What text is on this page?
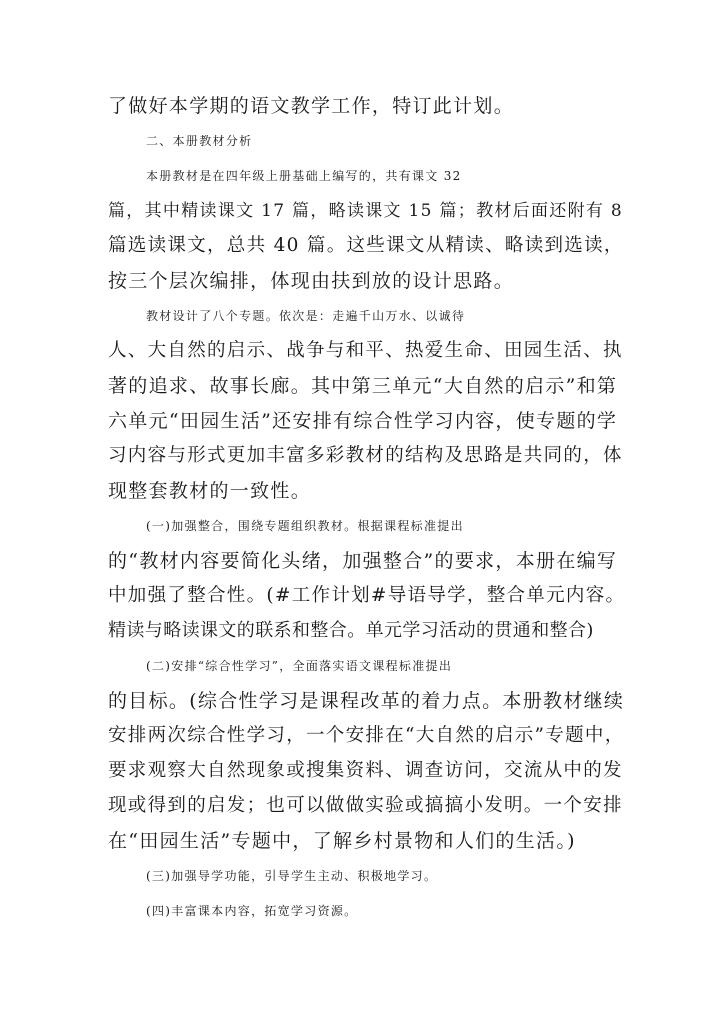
了做好本学期的语文教学工作，特订此计划。
二、本册教材分析
本册教材是在四年级上册基础上编写的，共有课文 32
篇，其中精读课文 17 篇，略读课文 15 篇；教材后面还附有 8
篇选读课文，总共 40 篇。这些课文从精读、略读到选读，
按三个层次编排，体现由扶到放的设计思路。
教材设计了八个专题。依次是：走遍千山万水、以诚待
人、大自然的启示、战争与和平、热爱生命、田园生活、执
著的追求、故事长廊。其中第三单元“大自然的启示”和第
六单元“田园生活”还安排有综合性学习内容，使专题的学
习内容与形式更加丰富多彩教材的结构及思路是共同的，体
现整套教材的一致性。
(一)加强整合，围绕专题组织教材。根据课程标准提出
的“教材内容要简化头绪，加强整合”的要求，本册在编写
中加强了整合性。(#工作计划#导语导学，整合单元内容。
精读与略读课文的联系和整合。单元学习活动的贯通和整合)
(二)安排“综合性学习”，全面落实语文课程标准提出
的目标。(综合性学习是课程改革的着力点。本册教材继续
安排两次综合性学习，一个安排在“大自然的启示”专题中，
要求观察大自然现象或搜集资料、调查访问，交流从中的发
现或得到的启发；也可以做做实验或搞搞小发明。一个安排
在“田园生活”专题中，了解乡村景物和人们的生活。)
(三)加强导学功能，引导学生主动、积极地学习。
(四)丰富课本内容，拓宽学习资源。
